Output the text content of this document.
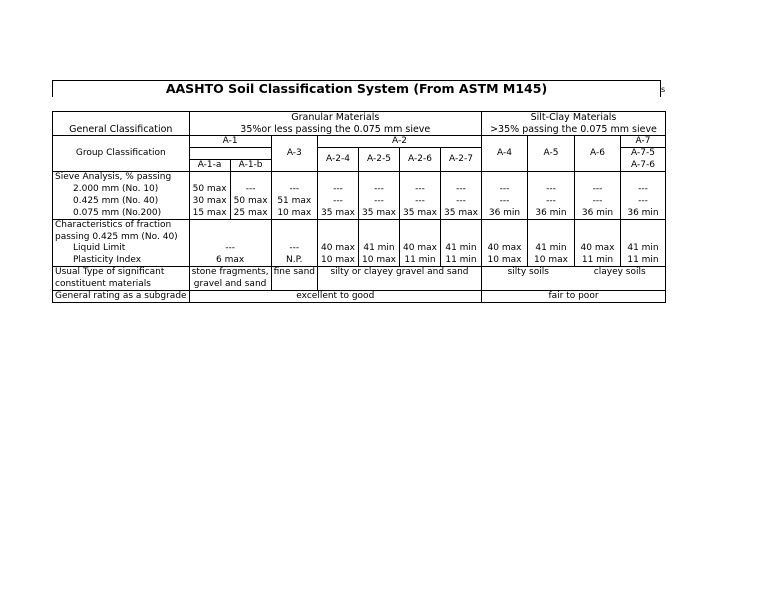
AASHTO Soil Classification System (From ASTM M145)	s
	Granular Materials							Silt-Clay Materials			
General Classification	35%or less passing the 0.075 mm sieve							>35% passing the 0.075 mm sieve			
Group Classification	A-1		A-3	A-2				A-4	A-5	A-6	A-7
				A-2-4	A-2-5	A-2-6	A-2-7				A-7-5
	A-1-a	A-1-b									A-7-6
Sieve Analysis, % passing											
2.000 mm (No. 10)	50 max	---	---	---	---	---	---	---	---	---	---
0.425 mm (No. 40)	30 max	50 max	51 max	---	---	---	---	---	---	---	---
0.075 mm (No.200)	15 max	25 max	10 max	35 max	35 max	35 max	35 max	36 min	36 min	36 min	36 min
Characteristics of fraction											
passing 0.425 mm (No. 40)											
Liquid Limit	---		---	40 max	41 min	40 max	41 min	40 max	41 min	40 max	41 min
Plasticity Index	6 max		N.P.	10 max	10 max	11 min	11 min	10 max	10 max	11 min	11 min
Usual Type of significant	stone fragments,		fine sand	silty or clayey gravel and sand				silty soils		clayey soils	
constituent materials	gravel and sand										
General rating as a subgrade	excellent to good							fair to poor			
